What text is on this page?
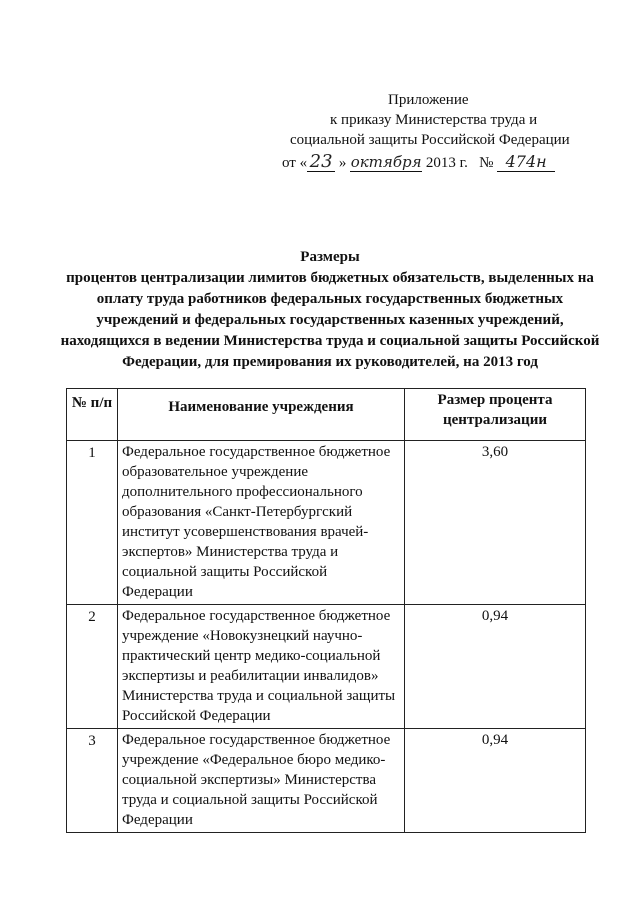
Приложение
к приказу Министерства труда и
социальной защиты Российской Федерации
от « 23 » октября 2013 г. № 474н
Размеры
процентов централизации лимитов бюджетных обязательств, выделенных на оплату труда работников федеральных государственных бюджетных учреждений и федеральных государственных казенных учреждений, находящихся в ведении Министерства труда и социальной защиты Российской Федерации, для премирования их руководителей, на 2013 год
№ п/п	Наименование учреждения	Размер процента централизации
1	Федеральное государственное бюджетное образовательное учреждение дополнительного профессионального образования «Санкт-Петербургский институт усовершенствования врачей-экспертов» Министерства труда и социальной защиты Российской Федерации	3,60
2	Федеральное государственное бюджетное учреждение «Новокузнецкий научно-практический центр медико-социальной экспертизы и реабилитации инвалидов» Министерства труда и социальной защиты Российской Федерации	0,94
3	Федеральное государственное бюджетное учреждение «Федеральное бюро медико-социальной экспертизы» Министерства труда и социальной защиты Российской Федерации	0,94
